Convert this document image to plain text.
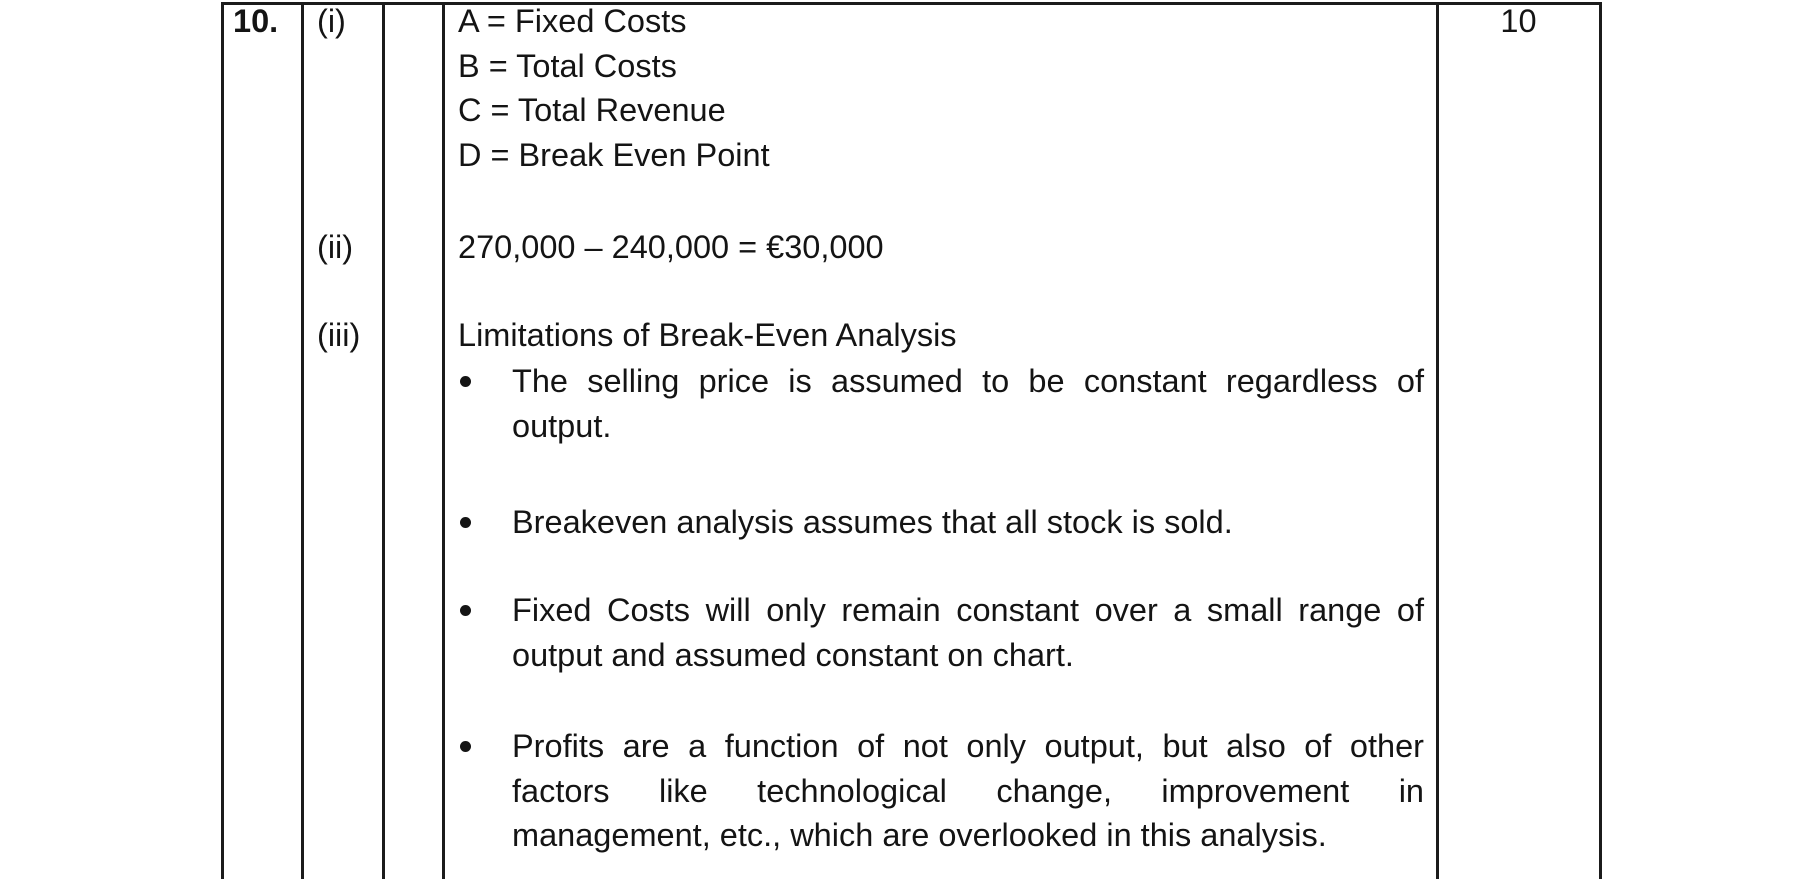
10. (i)
(ii)
(iii)
A = Fixed Costs
B = Total Costs
C = Total Revenue
D = Break Even Point
270,000 – 240,000 = €30,000
Limitations of Break-Even Analysis
The selling price is assumed to be constant regardless of
output.
Breakeven analysis assumes that all stock is sold.
Fixed Costs will only remain constant over a small range of
output and assumed constant on chart.
Profits are a function of not only output, but also of other
factors like technological change, improvement in
management, etc., which are overlooked in this analysis.
10
